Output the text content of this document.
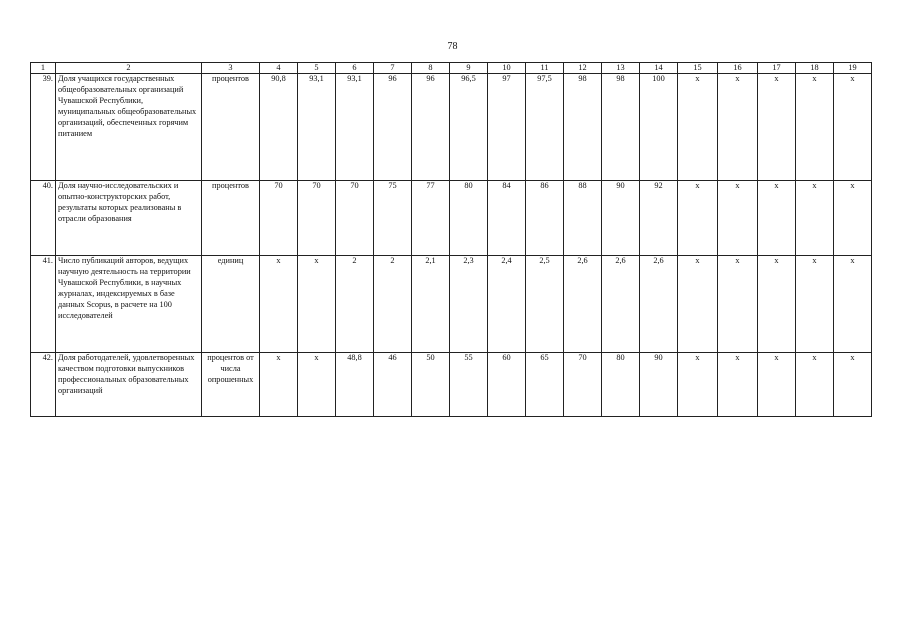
78
1	2	3	4	5	6	7	8	9	10	11	12	13	14	15	16	17	18	19
39.	Доля учащихся государственных общеобразовательных организаций Чувашской Республики, муниципальных общеобразовательных организаций, обеспеченных горячим питанием	процентов	90,8	93,1	93,1	96	96	96,5	97	97,5	98	98	100	x	x	x	x	x
40.	Доля научно-исследовательских и опытно-конструкторских работ, результаты которых реализованы в отрасли образования	процентов	70	70	70	75	77	80	84	86	88	90	92	x	x	x	x	x
41.	Число публикаций авторов, ведущих научную деятельность на территории Чувашской Республики, в научных журналах, индексируемых в базе данных Scopus, в расчете на 100 исследователей	единиц	x	x	2	2	2,1	2,3	2,4	2,5	2,6	2,6	2,6	x	x	x	x	x
42.	Доля работодателей, удовлетворенных качеством подготовки выпускников профессиональных образовательных организаций	процентов от числа опрошенных	x	x	48,8	46	50	55	60	65	70	80	90	x	x	x	x	x
